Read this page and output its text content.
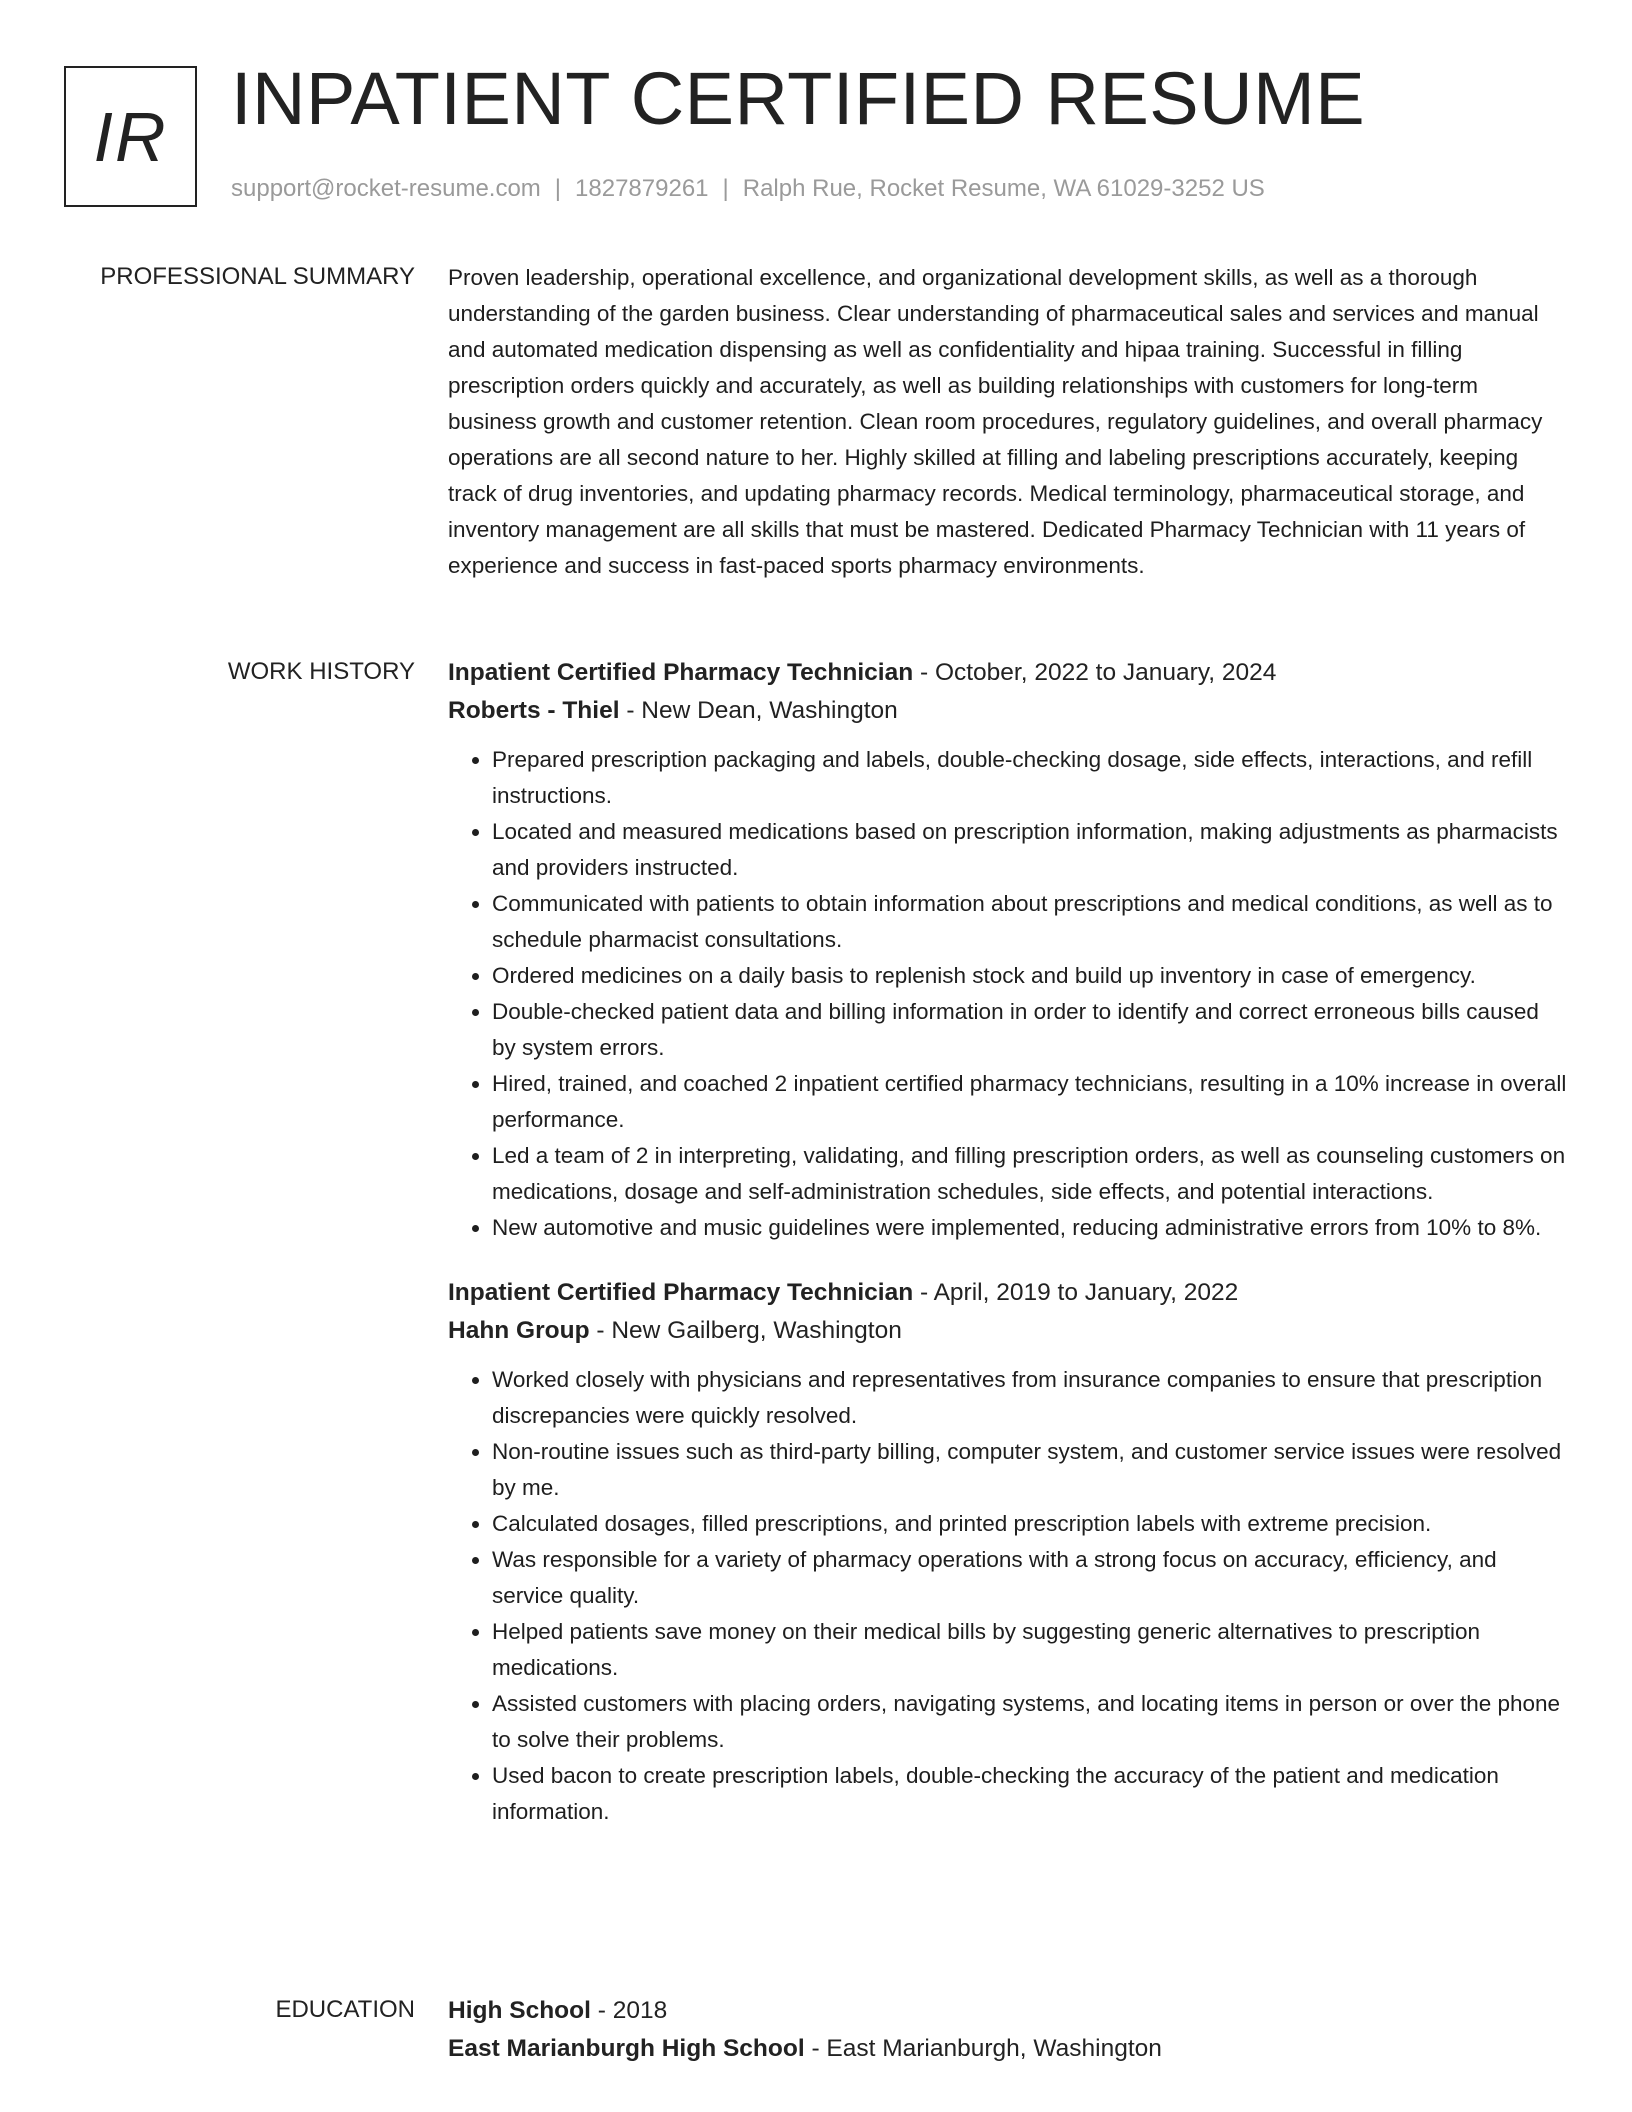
IR INPATIENT CERTIFIED RESUME
support@rocket-resume.com | 1827879261 | Ralph Rue, Rocket Resume, WA 61029-3252 US
PROFESSIONAL SUMMARY Proven leadership, operational excellence, and organizational development skills, as well as a thorough understanding of the garden business. Clear understanding of pharmaceutical sales and services and manual and automated medication dispensing as well as confidentiality and hipaa training. Successful in filling prescription orders quickly and accurately, as well as building relationships with customers for long-term business growth and customer retention. Clean room procedures, regulatory guidelines, and overall pharmacy operations are all second nature to her. Highly skilled at filling and labeling prescriptions accurately, keeping track of drug inventories, and updating pharmacy records. Medical terminology, pharmaceutical storage, and inventory management are all skills that must be mastered. Dedicated Pharmacy Technician with 11 years of experience and success in fast-paced sports pharmacy environments.

WORK HISTORY Inpatient Certified Pharmacy Technician - October, 2022 to January, 2024
Roberts - Thiel - New Dean, Washington
• Prepared prescription packaging and labels, double-checking dosage, side effects, interactions, and refill instructions.
• Located and measured medications based on prescription information, making adjustments as pharmacists and providers instructed.
• Communicated with patients to obtain information about prescriptions and medical conditions, as well as to schedule pharmacist consultations.
• Ordered medicines on a daily basis to replenish stock and build up inventory in case of emergency.
• Double-checked patient data and billing information in order to identify and correct erroneous bills caused by system errors.
• Hired, trained, and coached 2 inpatient certified pharmacy technicians, resulting in a 10% increase in overall performance.
• Led a team of 2 in interpreting, validating, and filling prescription orders, as well as counseling customers on medications, dosage and self-administration schedules, side effects, and potential interactions.
• New automotive and music guidelines were implemented, reducing administrative errors from 10% to 8%.
Inpatient Certified Pharmacy Technician - April, 2019 to January, 2022
Hahn Group - New Gailberg, Washington
• Worked closely with physicians and representatives from insurance companies to ensure that prescription discrepancies were quickly resolved.
• Non-routine issues such as third-party billing, computer system, and customer service issues were resolved by me.
• Calculated dosages, filled prescriptions, and printed prescription labels with extreme precision.
• Was responsible for a variety of pharmacy operations with a strong focus on accuracy, efficiency, and service quality.
• Helped patients save money on their medical bills by suggesting generic alternatives to prescription medications.
• Assisted customers with placing orders, navigating systems, and locating items in person or over the phone to solve their problems.
• Used bacon to create prescription labels, double-checking the accuracy of the patient and medication information.
EDUCATION High School - 2018
East Marianburgh High School - East Marianburgh, Washington
